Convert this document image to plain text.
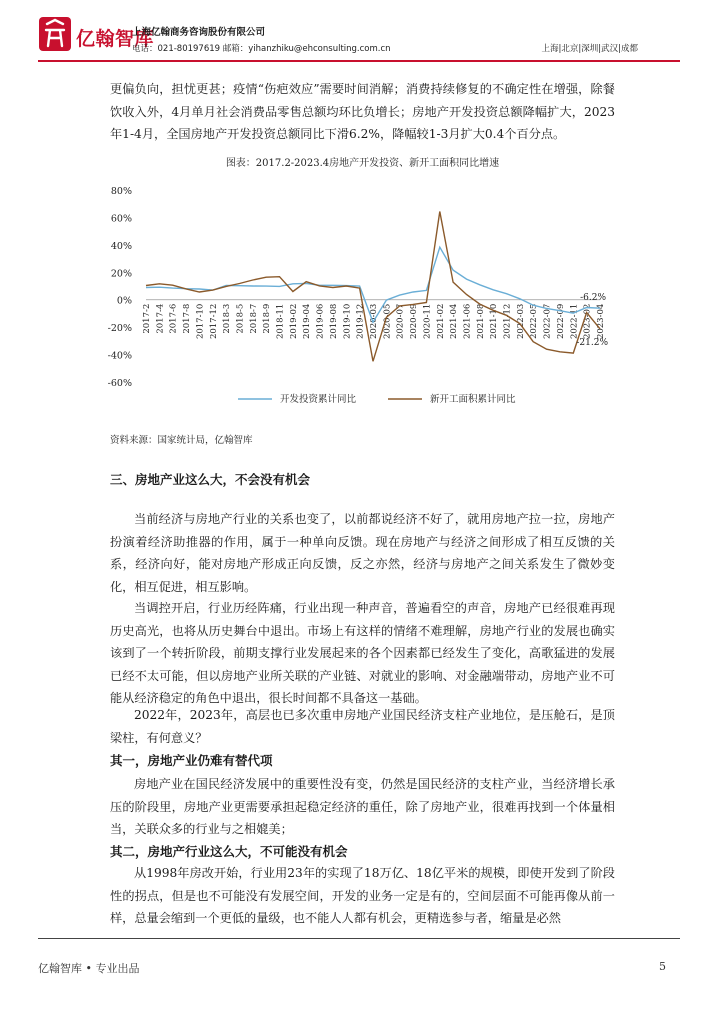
亿翰智库
上海亿翰商务咨询股份有限公司
电话：021-80197619 邮箱：yihanzhiku@ehconsulting.com.cn	上海|北京|深圳|武汉|成都

更偏负向，担忧更甚；疫情“伤疤效应”需要时间消解；消费持续修复的不确定性在增强，除餐饮收入外，4月单月社会消费品零售总额均环比负增长；房地产开发投资总额降幅扩大，2023年1-4月，全国房地产开发投资总额同比下滑6.2%，降幅较1-3月扩大0.4个百分点。

图表：2017.2-2023.4房地产开发投资、新开工面积同比增速
80%
60%
40%
20%
0%
-20%
-40%
-60%
2017-2 2017-4 2017-6 2017-8 2017-10 2017-12 2018-3 2018-5 2018-7 2018-9 2018-11 2019-02 2019-04 2019-06 2019-08 2019-10 2019-12 2020-03 2020-05 2020-07 2020-09 2020-11 2021-02 2021-04 2021-06 2021-08 2021-10 2021-12 2022-03 2022-05 2022-07 2022-09 2022-11 2023-02 2023-04
-6.2%
-21.2%
开发投资累计同比	新开工面积累计同比
资料来源：国家统计局，亿翰智库
三、房地产业这么大，不会没有机会

当前经济与房地产行业的关系也变了，以前都说经济不好了，就用房地产拉一拉，房地产扮演着经济助推器的作用，属于一种单向反馈。现在房地产与经济之间形成了相互反馈的关系，经济向好，能对房地产形成正向反馈，反之亦然，经济与房地产之间关系发生了微妙变化，相互促进，相互影响。

当调控开启，行业历经阵痛，行业出现一种声音，普遍看空的声音，房地产已经很难再现历史高光，也将从历史舞台中退出。市场上有这样的情绪不难理解，房地产行业的发展也确实该到了一个转折阶段，前期支撑行业发展起来的各个因素都已经发生了变化，高歌猛进的发展已经不太可能，但以房地产业所关联的产业链、对就业的影响、对金融端带动，房地产业不可能从经济稳定的角色中退出，很长时间都不具备这一基础。

2022年，2023年，高层也已多次重申房地产业国民经济支柱产业地位，是压舱石，是顶梁柱，有何意义？

其一，房地产业仍难有替代项

房地产业在国民经济发展中的重要性没有变，仍然是国民经济的支柱产业，当经济增长承压的阶段里，房地产业更需要承担起稳定经济的重任，除了房地产业，很难再找到一个体量相当，关联众多的行业与之相媲美；

其二，房地产行业这么大，不可能没有机会

从1998年房改开始，行业用23年的实现了18万亿、18亿平米的规模，即使开发到了阶段性的拐点，但是也不可能没有发展空间，开发的业务一定是有的，空间层面不可能再像从前一样，总量会缩到一个更低的量级，也不能人人都有机会，更精选参与者，缩量是必然

亿翰智库 • 专业出品	5
